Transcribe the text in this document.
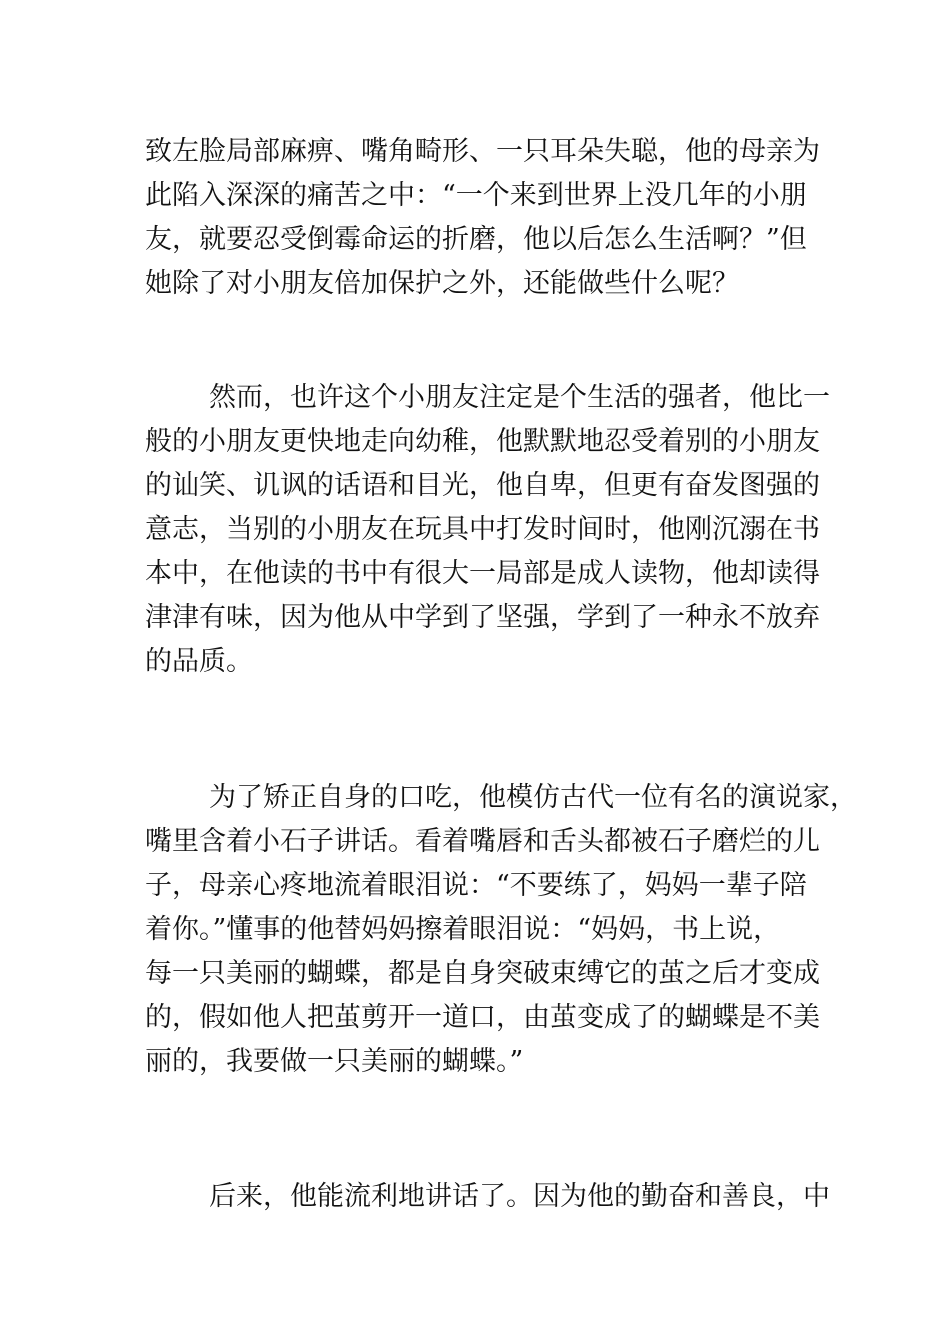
致左脸局部麻痹、嘴角畸形、一只耳朵失聪，他的母亲为
此陷入深深的痛苦之中：“一个来到世界上没几年的小朋
友，就要忍受倒霉命运的折磨，他以后怎么生活啊？”但
她除了对小朋友倍加保护之外，还能做些什么呢？
然而，也许这个小朋友注定是个生活的强者，他比一
般的小朋友更快地走向幼稚，他默默地忍受着别的小朋友
的讪笑、讥讽的话语和目光，他自卑，但更有奋发图强的
意志，当别的小朋友在玩具中打发时间时，他刚沉溺在书
本中，在他读的书中有很大一局部是成人读物，他却读得
津津有味，因为他从中学到了坚强，学到了一种永不放弃
的品质。
为了矫正自身的口吃，他模仿古代一位有名的演说家，
嘴里含着小石子讲话。看着嘴唇和舌头都被石子磨烂的儿
子，母亲心疼地流着眼泪说：“不要练了，妈妈一辈子陪
着你。”懂事的他替妈妈擦着眼泪说：“妈妈，书上说，
每一只美丽的蝴蝶，都是自身突破束缚它的茧之后才变成
的，假如他人把茧剪开一道口，由茧变成了的蝴蝶是不美
丽的，我要做一只美丽的蝴蝶。”
后来，他能流利地讲话了。因为他的勤奋和善良，中
